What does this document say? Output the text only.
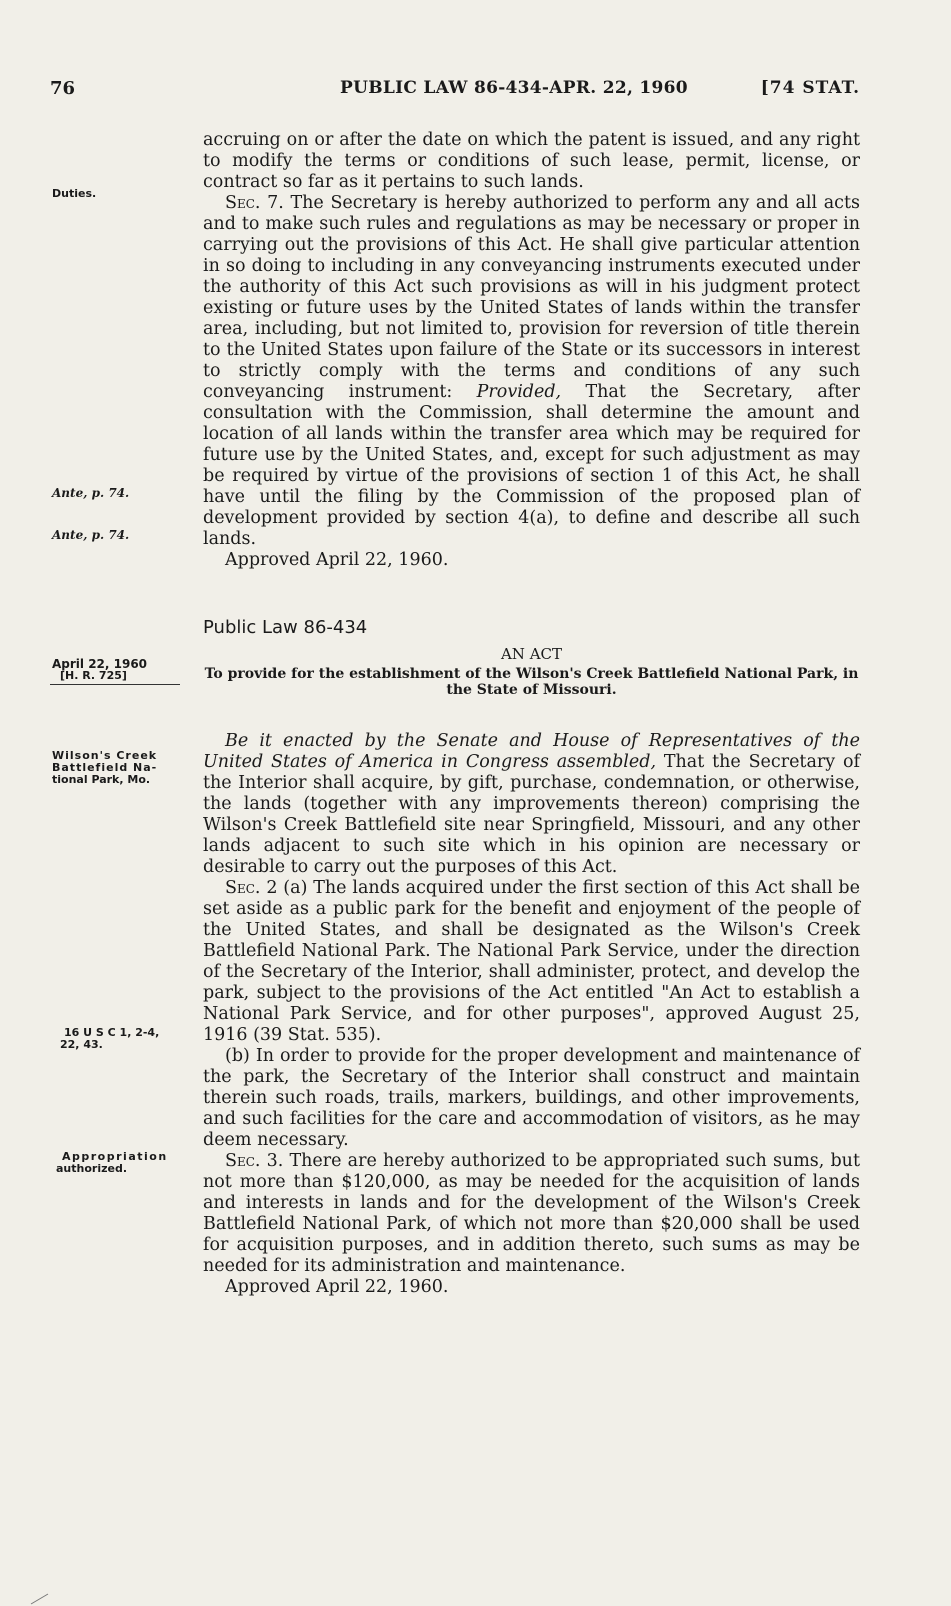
76	PUBLIC LAW 86-434-APR. 22, 1960	[74 STAT.
Duties.
Ante, p. 74.
Ante, p. 74.
April 22, 1960
[H. R. 725]
Wilson's Creek
Battlefield Na-
tional Park, Mo.
16 U S C 1, 2-4,
22, 43.
Appropriation
authorized.

accruing on or after the date on which the patent is issued, and any right to modify the terms or conditions of such lease, permit, license, or contract so far as it pertains to such lands.

Sec. 7. The Secretary is hereby authorized to perform any and all acts and to make such rules and regulations as may be necessary or proper in carrying out the provisions of this Act. He shall give particular attention in so doing to including in any conveyancing instruments executed under the authority of this Act such provisions as will in his judgment protect existing or future uses by the United States of lands within the transfer area, including, but not limited to, provision for reversion of title therein to the United States upon failure of the State or its successors in interest to strictly comply with the terms and conditions of any such conveyancing instrument: Provided, That the Secretary, after consultation with the Commission, shall determine the amount and location of all lands within the transfer area which may be required for future use by the United States, and, except for such adjustment as may be required by virtue of the provisions of section 1 of this Act, he shall have until the filing by the Commission of the proposed plan of development provided by section 4(a), to define and describe all such lands.

Approved April 22, 1960.

Public Law 86-434
AN ACT
To provide for the establishment of the Wilson's Creek Battlefield National Park, in the State of Missouri.

Be it enacted by the Senate and House of Representatives of the United States of America in Congress assembled, That the Secretary of the Interior shall acquire, by gift, purchase, condemnation, or otherwise, the lands (together with any improvements thereon) comprising the Wilson's Creek Battlefield site near Springfield, Missouri, and any other lands adjacent to such site which in his opinion are necessary or desirable to carry out the purposes of this Act.

Sec. 2 (a) The lands acquired under the first section of this Act shall be set aside as a public park for the benefit and enjoyment of the people of the United States, and shall be designated as the Wilson's Creek Battlefield National Park. The National Park Service, under the direction of the Secretary of the Interior, shall administer, protect, and develop the park, subject to the provisions of the Act entitled "An Act to establish a National Park Service, and for other purposes", approved August 25, 1916 (39 Stat. 535).

(b) In order to provide for the proper development and maintenance of the park, the Secretary of the Interior shall construct and maintain therein such roads, trails, markers, buildings, and other improvements, and such facilities for the care and accommodation of visitors, as he may deem necessary.

Sec. 3. There are hereby authorized to be appropriated such sums, but not more than $120,000, as may be needed for the acquisition of lands and interests in lands and for the development of the Wilson's Creek Battlefield National Park, of which not more than $20,000 shall be used for acquisition purposes, and in addition thereto, such sums as may be needed for its administration and maintenance.

Approved April 22, 1960.
